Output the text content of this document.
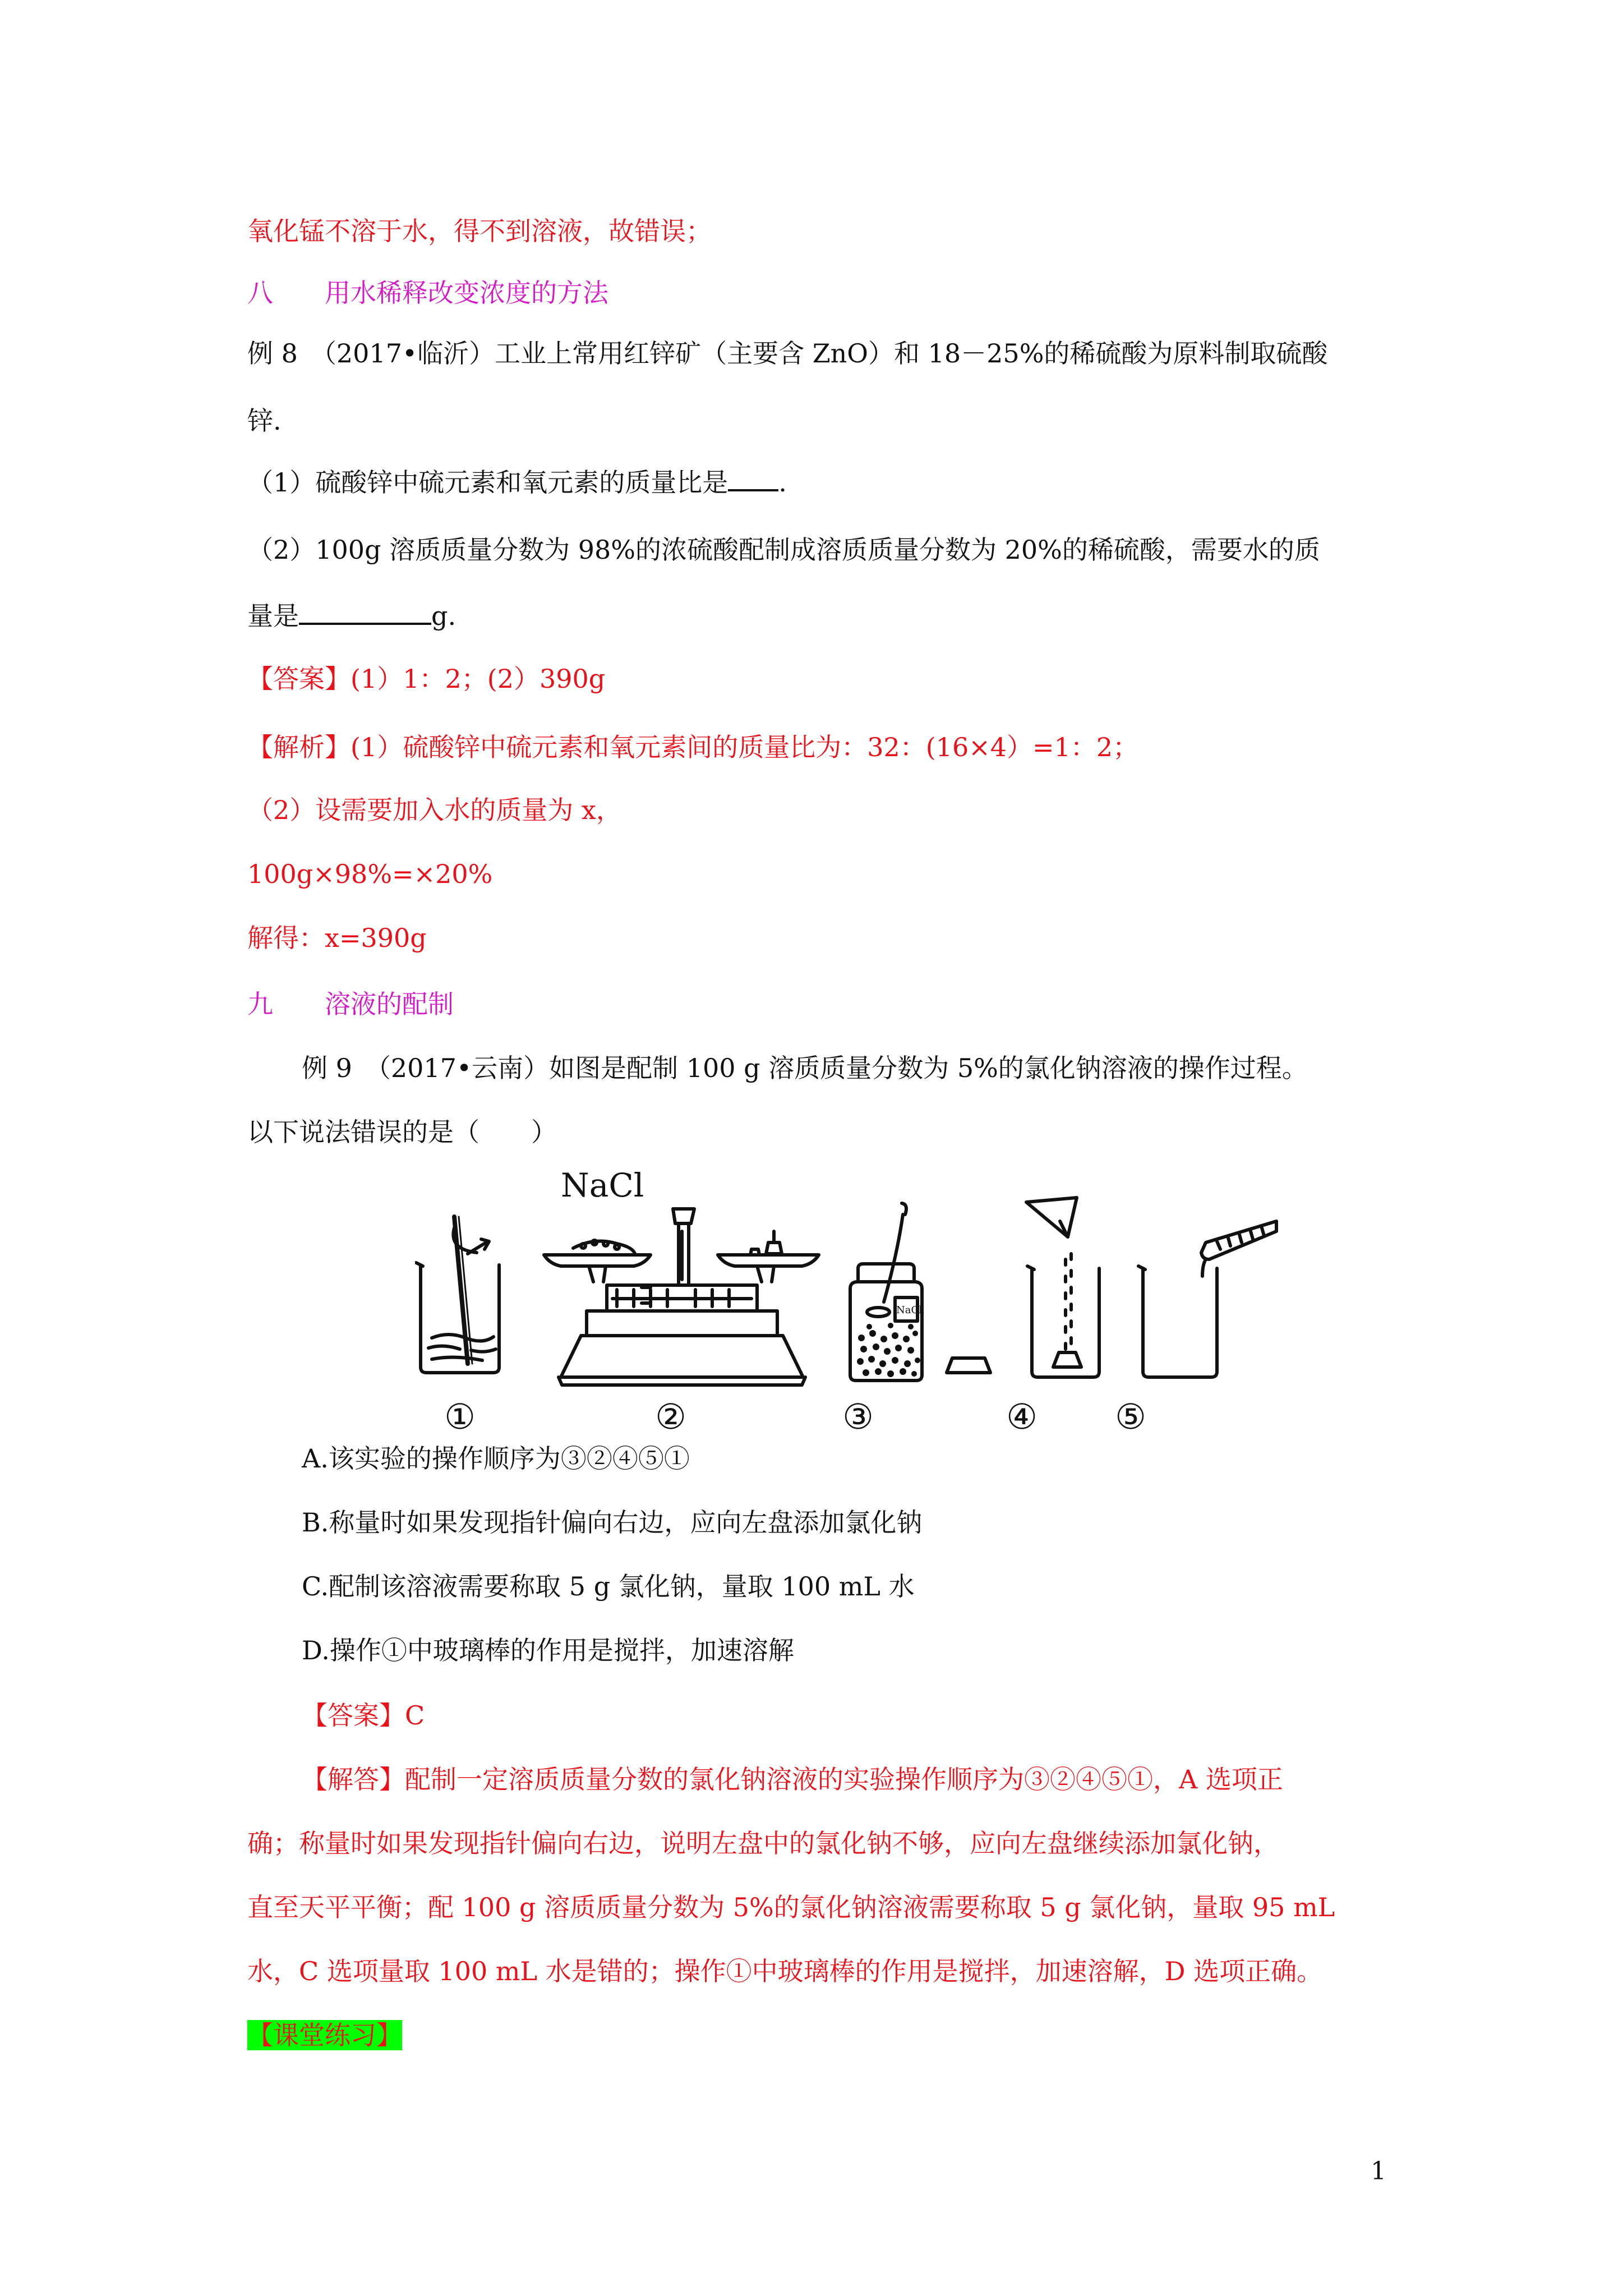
氧化锰不溶于水，得不到溶液，故错误；
八　　用水稀释改变浓度的方法
例 8　（2017•临沂）工业上常用红锌矿（主要含 ZnO）和 18－25%的稀硫酸为原料制取硫酸
锌.
（1）硫酸锌中硫元素和氧元素的质量比是 .
（2）100g 溶质质量分数为 98%的浓硫酸配制成溶质质量分数为 20%的稀硫酸，需要水的质
量是	g.
【答案】(1）1：2；(2）390g
【解析】(1）硫酸锌中硫元素和氧元素间的质量比为：32：(16×4）=1：2；
（2）设需要加入水的质量为 x，
100g×98%=×20%
解得：x=390g
九　　溶液的配制
例 9　（2017•云南）如图是配制 100 g 溶质质量分数为 5%的氯化钠溶液的操作过程。
以下说法错误的是（　　）
NaCl
NaCl
①	②	③	④ ⑤
A.该实验的操作顺序为③②④⑤①
B.称量时如果发现指针偏向右边，应向左盘添加氯化钠
C.配制该溶液需要称取 5 g 氯化钠，量取 100 mL 水
D.操作①中玻璃棒的作用是搅拌，加速溶解
【答案】C
【解答】配制一定溶质质量分数的氯化钠溶液的实验操作顺序为③②④⑤①，A 选项正
确；称量时如果发现指针偏向右边，说明左盘中的氯化钠不够，应向左盘继续添加氯化钠，
直至天平平衡；配 100 g 溶质质量分数为 5%的氯化钠溶液需要称取 5 g 氯化钠，量取 95 mL
水，C 选项量取 100 mL 水是错的；操作①中玻璃棒的作用是搅拌，加速溶解，D 选项正确。
【课堂练习】
1
